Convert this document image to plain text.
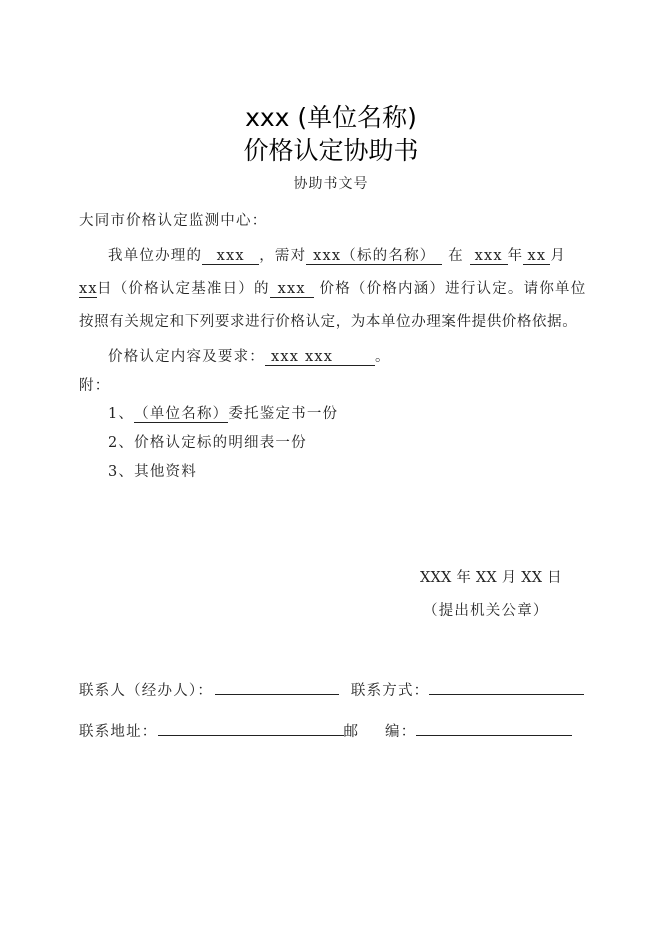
xxx (单位名称)
价格认定协助书
协助书文号
大同市价格认定监测中心：
我单位办理的 xxx ，需对 xxx（标的名称） 在 xxx 年 xx 月
xx日（价格认定基准日）的 xxx 价格（价格内涵）进行认定。请你单位
按照有关规定和下列要求进行价格认定，为本单位办理案件提供价格依据。
价格认定内容及要求： xxx xxx	。
附：
1、（单位名称）委托鉴定书一份
2、价格认定标的明细表一份
3、其他资料
XXX 年 XX 月 XX 日
（提出机关公章）
联系人（经办人）：	联系方式：
联系地址：	邮 编：
